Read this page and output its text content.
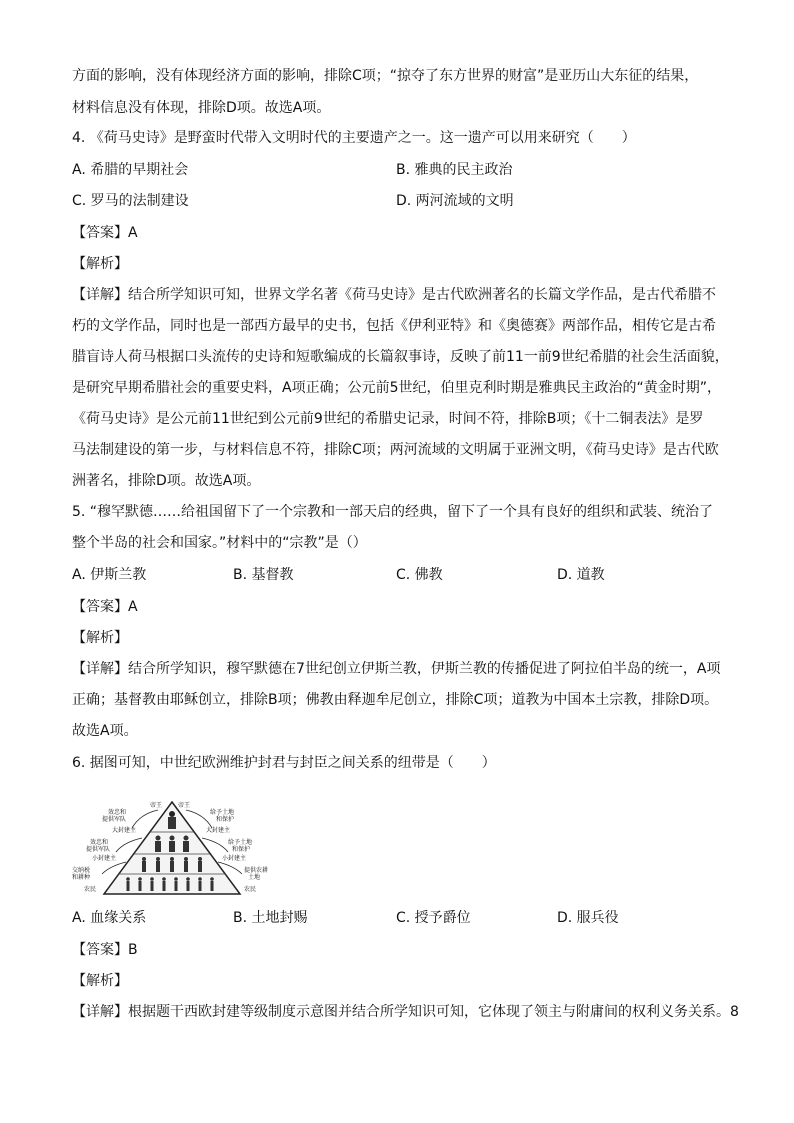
方面的影响，没有体现经济方面的影响，排除C项；“掠夺了东方世界的财富”是亚历山大东征的结果，
材料信息没有体现，排除D项。故选A项。
4. 《荷马史诗》是野蛮时代带入文明时代的主要遗产之一。这一遗产可以用来研究（　　）
A. 希腊的早期社会	B. 雅典的民主政治
C. 罗马的法制建设	D. 两河流域的文明
【答案】A
【解析】
【详解】结合所学知识可知，世界文学名著《荷马史诗》是古代欧洲著名的长篇文学作品，是古代希腊不
朽的文学作品，同时也是一部西方最早的史书，包括《伊利亚特》和《奥德赛》两部作品，相传它是古希
腊盲诗人荷马根据口头流传的史诗和短歌编成的长篇叙事诗，反映了前11一前9世纪希腊的社会生活面貌，
是研究早期希腊社会的重要史料，A项正确；公元前5世纪，伯里克利时期是雅典民主政治的“黄金时期”，
《荷马史诗》是公元前11世纪到公元前9世纪的希腊史记录，时间不符，排除B项；《十二铜表法》是罗
马法制建设的第一步，与材料信息不符，排除C项；两河流域的文明属于亚洲文明，《荷马史诗》是古代欧
洲著名，排除D项。故选A项。
5. “穆罕默德……给祖国留下了一个宗教和一部天启的经典，留下了一个具有良好的组织和武装、统治了
整个半岛的社会和国家。”材料中的“宗教”是（）
A. 伊斯兰教	B. 基督教	C. 佛教	D. 道教
【答案】A
【解析】
【详解】结合所学知识，穆罕默德在7世纪创立伊斯兰教，伊斯兰教的传播促进了阿拉伯半岛的统一，A项
正确；基督教由耶稣创立，排除B项；佛教由释迦牟尼创立，排除C项；道教为中国本土宗教，排除D项。
故选A项。
6. 据图可知，中世纪欧洲维护封君与封臣之间关系的纽带是（　　）
帝王	帝王
效忠和
提供军队
给予土地
和保护
大封建主	大封建主
效忠和
提供军队
给予土地
和保护
小封建主	小封建主
交纳税
和耕种
提供农耕
土地
农民	农民
A. 血缘关系	B. 土地封赐	C. 授予爵位	D. 服兵役
【答案】B
【解析】
【详解】根据题干西欧封建等级制度示意图并结合所学知识可知，它体现了领主与附庸间的权利义务关系。8
